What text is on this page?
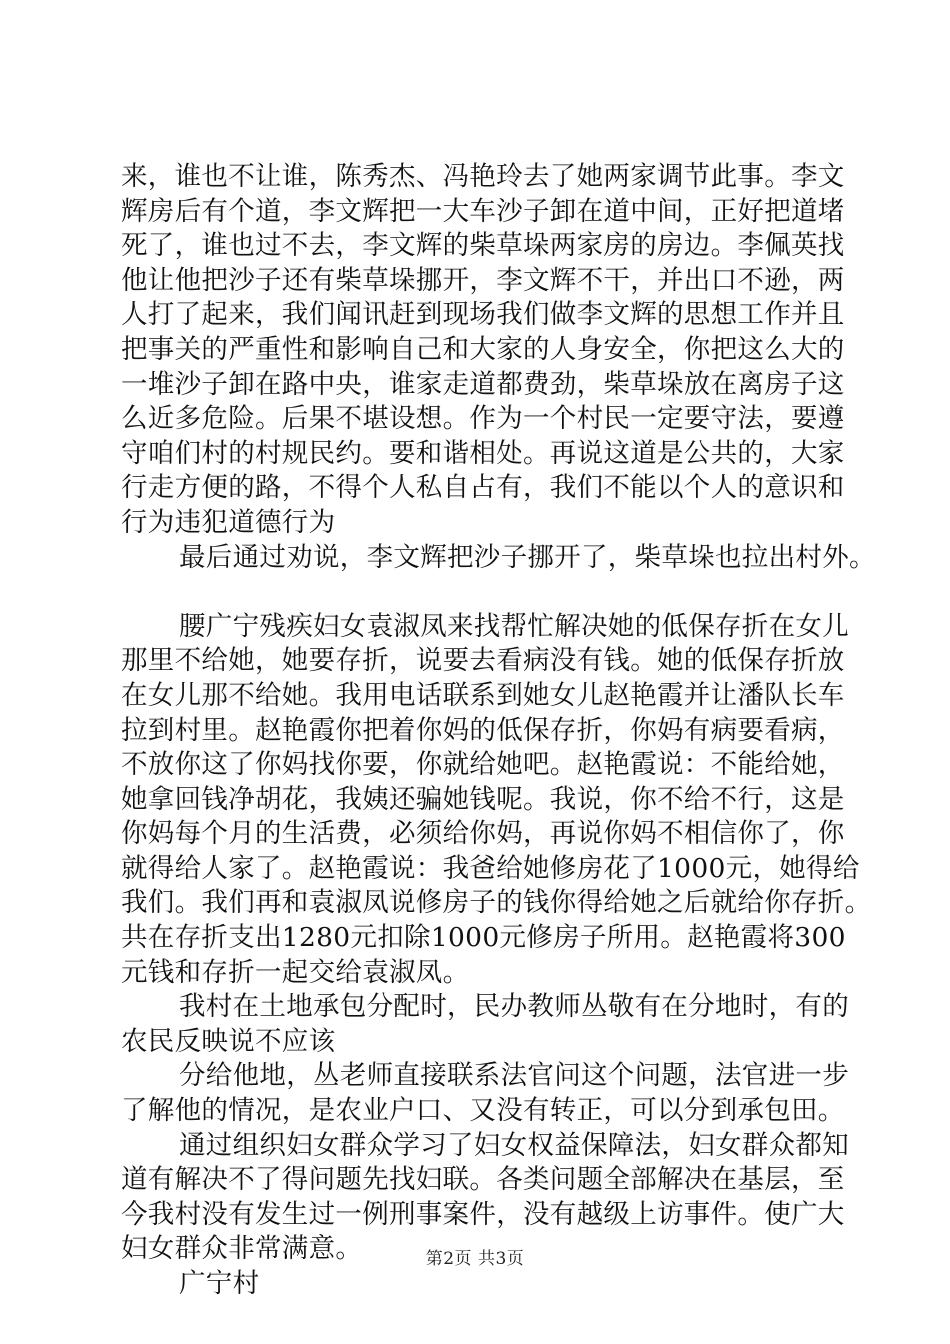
来，谁也不让谁，陈秀杰、冯艳玲去了她两家调节此事。李文
辉房后有个道，李文辉把一大车沙子卸在道中间，正好把道堵
死了，谁也过不去，李文辉的柴草垛两家房的房边。李佩英找
他让他把沙子还有柴草垛挪开，李文辉不干，并出口不逊，两
人打了起来，我们闻讯赶到现场我们做李文辉的思想工作并且
把事关的严重性和影响自己和大家的人身安全，你把这么大的
一堆沙子卸在路中央，谁家走道都费劲，柴草垛放在离房子这
么近多危险。后果不堪设想。作为一个村民一定要守法，要遵
守咱们村的村规民约。要和谐相处。再说这道是公共的，大家
行走方便的路，不得个人私自占有，我们不能以个人的意识和
行为违犯道德行为
最后通过劝说，李文辉把沙子挪开了，柴草垛也拉出村外。
腰广宁残疾妇女袁淑凤来找帮忙解决她的低保存折在女儿
那里不给她，她要存折，说要去看病没有钱。她的低保存折放
在女儿那不给她。我用电话联系到她女儿赵艳霞并让潘队长车
拉到村里。赵艳霞你把着你妈的低保存折，你妈有病要看病，
不放你这了你妈找你要，你就给她吧。赵艳霞说：不能给她，
她拿回钱净胡花，我姨还骗她钱呢。我说，你不给不行，这是
你妈每个月的生活费，必须给你妈，再说你妈不相信你了，你
就得给人家了。赵艳霞说：我爸给她修房花了1000元，她得给
我们。我们再和袁淑凤说修房子的钱你得给她之后就给你存折。
共在存折支出1280元扣除1000元修房子所用。赵艳霞将300
元钱和存折一起交给袁淑凤。
我村在土地承包分配时，民办教师丛敬有在分地时，有的
农民反映说不应该
分给他地，丛老师直接联系法官问这个问题，法官进一步
了解他的情况，是农业户口、又没有转正，可以分到承包田。
通过组织妇女群众学习了妇女权益保障法，妇女群众都知
道有解决不了得问题先找妇联。各类问题全部解决在基层，至
今我村没有发生过一例刑事案件，没有越级上访事件。使广大
妇女群众非常满意。
广宁村
第2页 共3页
